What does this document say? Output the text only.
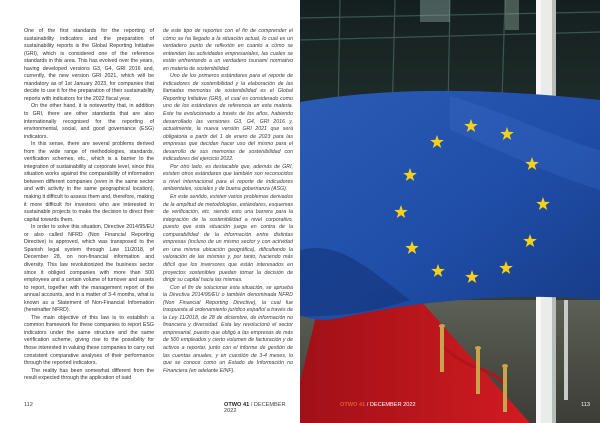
One of the first standards for the reporting of sustainability indicators and the preparation of sustainability reports is the Global Reporting Initiative (GRI), which is considered one of the reference standards in this area. This has evolved over the years, having developed versions G3, G4, GRI 2016 and, currently, the new version GRI 2021, which will be mandatory as of 1st January 2023, for companies that decide to use it for the preparation of their sustainability reports with indicators for the 2022 fiscal year.

On the other hand, it is noteworthy that, in addition to GRI, there are other standards that are also internationally recognised for the reporting of environmental, social, and good governance (ESG) indicators.

In this sense, there are several problems derived from the wide range of methodologies, standards, verification schemes, etc., which is a barrier to the integration of sustainability at corporate level, since this situation works against the comparability of information between different companies (even in the same sector and with activity in the same geographical location), making it difficult to assess them and, therefore, making it more difficult for investors who are interested in sustainable projects to make the decision to direct their capital towards them.

In order to solve this situation, Directive 2014/95/EU or also called NFRD (Non Financial Reporting Directive) is approved, which was transposed to the Spanish legal system through Law 11/2018, of December 28, on non-financial information and diversity. This law revolutionized the business sector since it obliged companies with more than 500 employees and a certain volume of turnover and assets to report, together with the management report of the annual accounts, and in a matter of 3-4 months, what is known as a Statement of Non-Financial Information (hereinafter NFRD).

The main objective of this law is to establish a common framework for these companies to report ESG indicators under the same structure and the same verification scheme, giving rise to the possibility for those interested in valuing these companies to carry out consistent comparative analyses of their performance through the reported indicators.

The reality has been somewhat different from the result expected through the application of said

de este tipo de reportes con el fin de comprender el cómo se ha llegado a la situación actual, lo cual es un verdadero punto de reflexión en cuanto a cómo se entienden las actividades empresariales, las cuales se están enfrentando a un verdadero tsunami normativo en materia de sostenibilidad.

Uno de los primeros estándares para el reporte de indicadores de sostenibilidad y la elaboración de las llamadas memorias de sostenibilidad es el Global Reporting Initiative (GRI), el cual es considerado como uno de los estándares de referencia en esta materia. Este ha evolucionado a través de los años, habiendo desarrollado las versiones G3, G4, GRI 2016 y, actualmente, la nueva versión GRI 2021 que será obligatoria a partir del 1 de enero de 2023 para las empresas que decidan hacer uso del mismo para el desarrollo de sus memorias de sostenibilidad con indicadores del ejercicio 2022.

Por otro lado, es destacable que, además de GRI, existen otros estándares que también son reconocidos a nivel internacional para el reporte de indicadores ambientales, sociales y de buena gobernanza (ASG).

En este sentido, existen varios problemas derivados de la amplitud de metodologías, estándares, esquemas de verificación, etc. siendo esto una barrera para la integración de la sostenibilidad a nivel corporativo, puesto que esta situación juega en contra de la comparabilidad de la información entre distintas empresas (incluso de un mismo sector y con actividad en una misma ubicación geográfica), dificultando la valoración de las mismas y, por tanto, haciendo más difícil que los inversores que están interesados en proyectos sostenibles puedan tomar la decisión de dirigir su capital hacia las mismas.

Con el fin de solucionar esta situación, se aprueba la Directiva 2014/95/EU o también denominada NFRD (Non Financial Reporting Directive), la cual fue traspuesta al ordenamiento jurídico español a través de la Ley 11/2018, de 28 de diciembre, de información no financiera y diversidad. Esta ley revolucionó el sector empresarial, puesto que obligó a las empresas de más de 500 empleados y cierto volumen de facturación y de activos a reportar, junto con el informe de gestión de las cuentas anuales, y en cuestión de 3-4 meses, lo que se conoce como un Estado de Información no Financiera (en adelante EINF).

112	OTWO 41 / DECEMBER 2022
OTWO 41 / DECEMBER 2022	113
